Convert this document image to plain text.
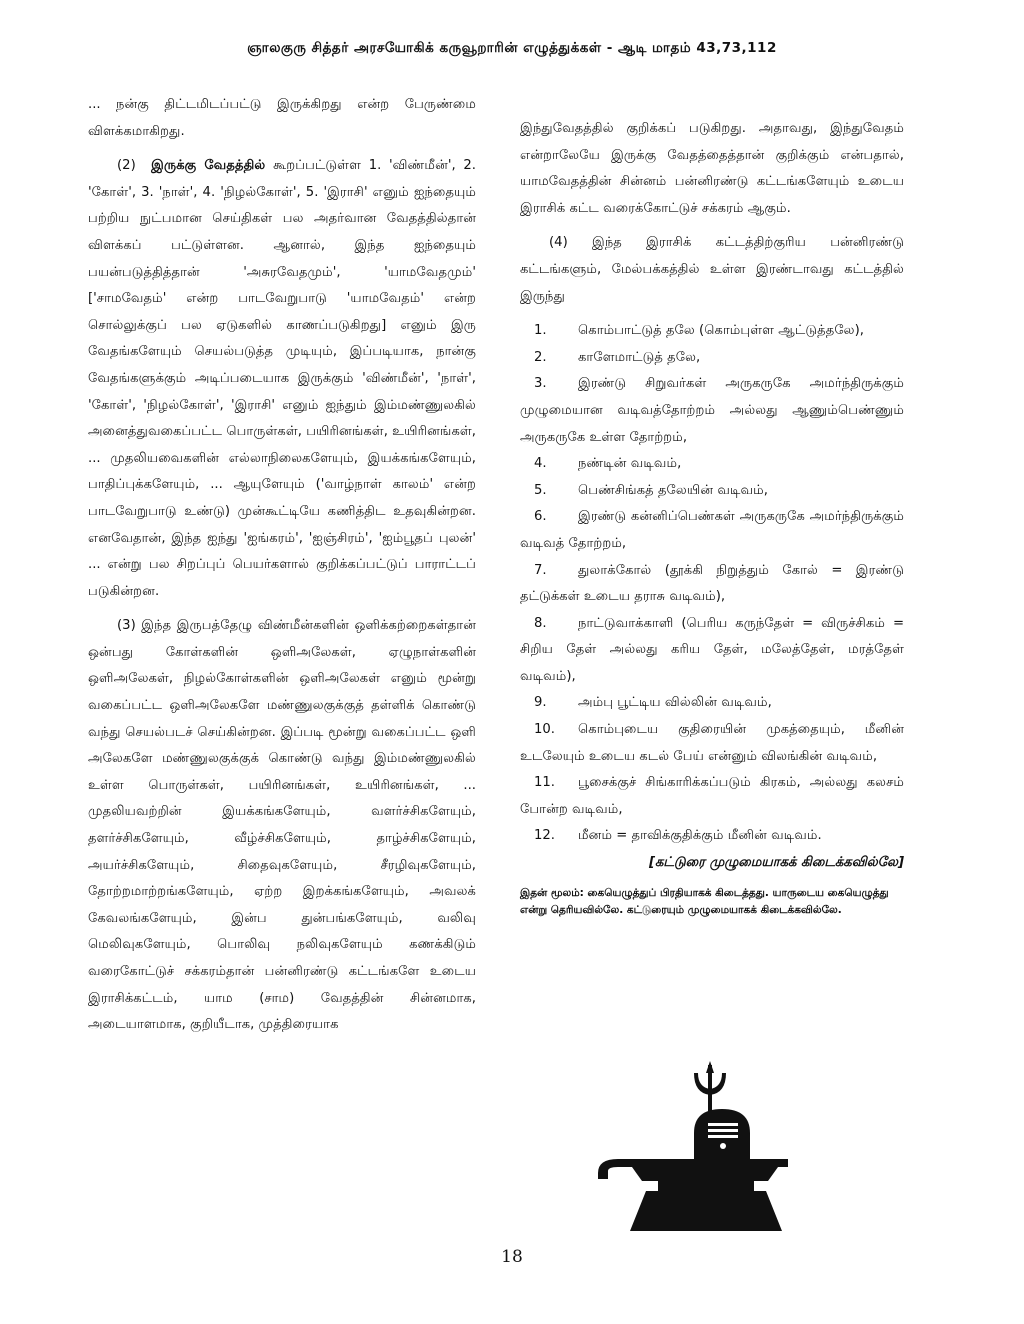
ஞாலகுரு சித்தர் அரசயோகிக் கருவூறாரின் எழுத்துக்கள் - ஆடி மாதம் 43,73,112

... நன்கு திட்டமிடப்பட்டு இருக்கிறது என்ற பேருண்மை விளக்கமாகிறது.

(2) இருக்கு வேதத்தில் கூறப்பட்டுள்ள 1. 'விண்மீன்', 2. 'கோள்', 3. 'நாள்', 4. 'நிழல்கோள்', 5. 'இராசி' எனும் ஐந்தையும் பற்றிய நுட்பமான செய்திகள் பல அதர்வான வேதத்தில்தான் விளக்கப் பட்டுள்ளன. ஆனால், இந்த ஐந்தையும் பயன்படுத்தித்தான் 'அசுரவேதமும்', 'யாமவேதமும்' ['சாமவேதம்' என்ற பாடவேறுபாடு 'யாமவேதம்' என்ற சொல்லுக்குப் பல ஏடுகளில் காணப்படுகிறது] எனும் இரு வேதங்களேயும் செயல்படுத்த முடியும், இப்படியாக, நான்கு வேதங்களுக்கும் அடிப்படையாக இருக்கும் 'விண்மீன்', 'நாள்', 'கோள்', 'நிழல்கோள்', 'இராசி' எனும் ஐந்தும் இம்மண்ணுலகில் அனைத்துவகைப்பட்ட பொருள்கள், பயிரினங்கள், உயிரினங்கள், ... முதலியவைகளின் எல்லாநிலைகளேயும், இயக்கங்களேயும், பாதிப்புக்களேயும், ... ஆயுளேயும் ('வாழ்நாள் காலம்' என்ற பாடவேறுபாடு உண்டு) முன்கூட்டியே கணித்திட உதவுகின்றன. எனவேதான், இந்த ஐந்து 'ஐங்கரம்', 'ஐஞ்சிரம்', 'ஐம்பூதப் புலன்' ... என்று பல சிறப்புப் பெயர்களால் குறிக்கப்பட்டுப் பாராட்டப் படுகின்றன.

(3) இந்த இருபத்தேழு விண்மீன்களின் ஒளிக்கற்றைகள்தான் ஒன்பது கோள்களின் ஒளிஅலேகள், ஏழுநாள்களின் ஒளிஅலேகள், நிழல்கோள்களின் ஒளிஅலேகள் எனும் மூன்று வகைப்பட்ட ஒளிஅலேகளே மண்ணுலகுக்குத் தள்ளிக் கொண்டு வந்து செயல்படச் செய்கின்றன. இப்படி மூன்று வகைப்பட்ட ஒளி அலேகளே மண்ணுலகுக்குக் கொண்டு வந்து இம்மண்ணுலகில் உள்ள பொருள்கள், பயிரினங்கள், உயிரினங்கள், ... முதலியவற்றின் இயக்கங்களேயும், வளர்ச்சிகளேயும், தளர்ச்சிகளேயும், வீழ்ச்சிகளேயும், தாழ்ச்சிகளேயும், அயர்ச்சிகளேயும், சிதைவுகளேயும், சீரழிவுகளேயும், தோற்றமாற்றங்களேயும், ஏற்ற இறக்கங்களேயும், அவலக் கேவலங்களேயும், இன்ப துன்பங்களேயும், வலிவு மெலிவுகளேயும், பொலிவு நலிவுகளேயும் கணக்கிடும் வரைகோட்டுச் சக்கரம்தான் பன்னிரண்டு கட்டங்களே உடைய இராசிக்கட்டம், யாம (சாம) வேதத்தின் சின்னமாக, அடையாளமாக, குறியீடாக, முத்திரையாக

இந்துவேதத்தில் குறிக்கப் படுகிறது. அதாவது, இந்துவேதம் என்றாலேயே இருக்கு வேதத்தைத்தான் குறிக்கும் என்பதால், யாமவேதத்தின் சின்னம் பன்னிரண்டு கட்டங்களேயும் உடைய இராசிக் கட்ட வரைக்கோட்டுச் சக்கரம் ஆகும்.

(4) இந்த இராசிக் கட்டத்திற்குரிய பன்னிரண்டு கட்டங்களும், மேல்பக்கத்தில் உள்ள இரண்டாவது கட்டத்தில் இருந்து

1. கொம்பாட்டுத் தலே (கொம்புள்ள ஆட்டுத்தலே),
2. காளேமாட்டுத் தலே,
3. இரண்டு சிறுவர்கள் அருகருகே அமர்ந்திருக்கும் முழுமையான வடிவத்தோற்றம் அல்லது ஆணும்பெண்ணும் அருகருகே உள்ள தோற்றம்,
4. நண்டின் வடிவம்,
5. பெண்சிங்கத் தலேயின் வடிவம்,
6. இரண்டு கன்னிப்பெண்கள் அருகருகே அமர்ந்திருக்கும் வடிவத் தோற்றம்,
7. துலாக்கோல் (தூக்கி நிறுத்தும் கோல் = இரண்டு தட்டுக்கள் உடைய தராசு வடிவம்),
8. நாட்டுவாக்காளி (பெரிய கருந்தேள் = விருச்சிகம் = சிறிய தேள் அல்லது கரிய தேள், மலேத்தேள், மரத்தேள் வடிவம்),
9. அம்பு பூட்டிய வில்லின் வடிவம்,
10. கொம்புடைய குதிரையின் முகத்தையும், மீனின் உடலேயும் உடைய கடல் பேய் என்னும் விலங்கின் வடிவம்,
11. பூசைக்குச் சிங்காரிக்கப்படும் கிரகம், அல்லது கலசம் போன்ற வடிவம்,
12. மீனம் = தாவிக்குதிக்கும் மீனின் வடிவம்.

[கட்டுரை முழுமையாகக் கிடைக்கவில்லே]

இதன் மூலம்: கையெழுத்துப் பிரதியாகக் கிடைத்தது. யாருடைய கையெழுத்து என்று தெரியவில்லே. கட்டுரையும் முழுமையாகக் கிடைக்கவில்லே.

18
